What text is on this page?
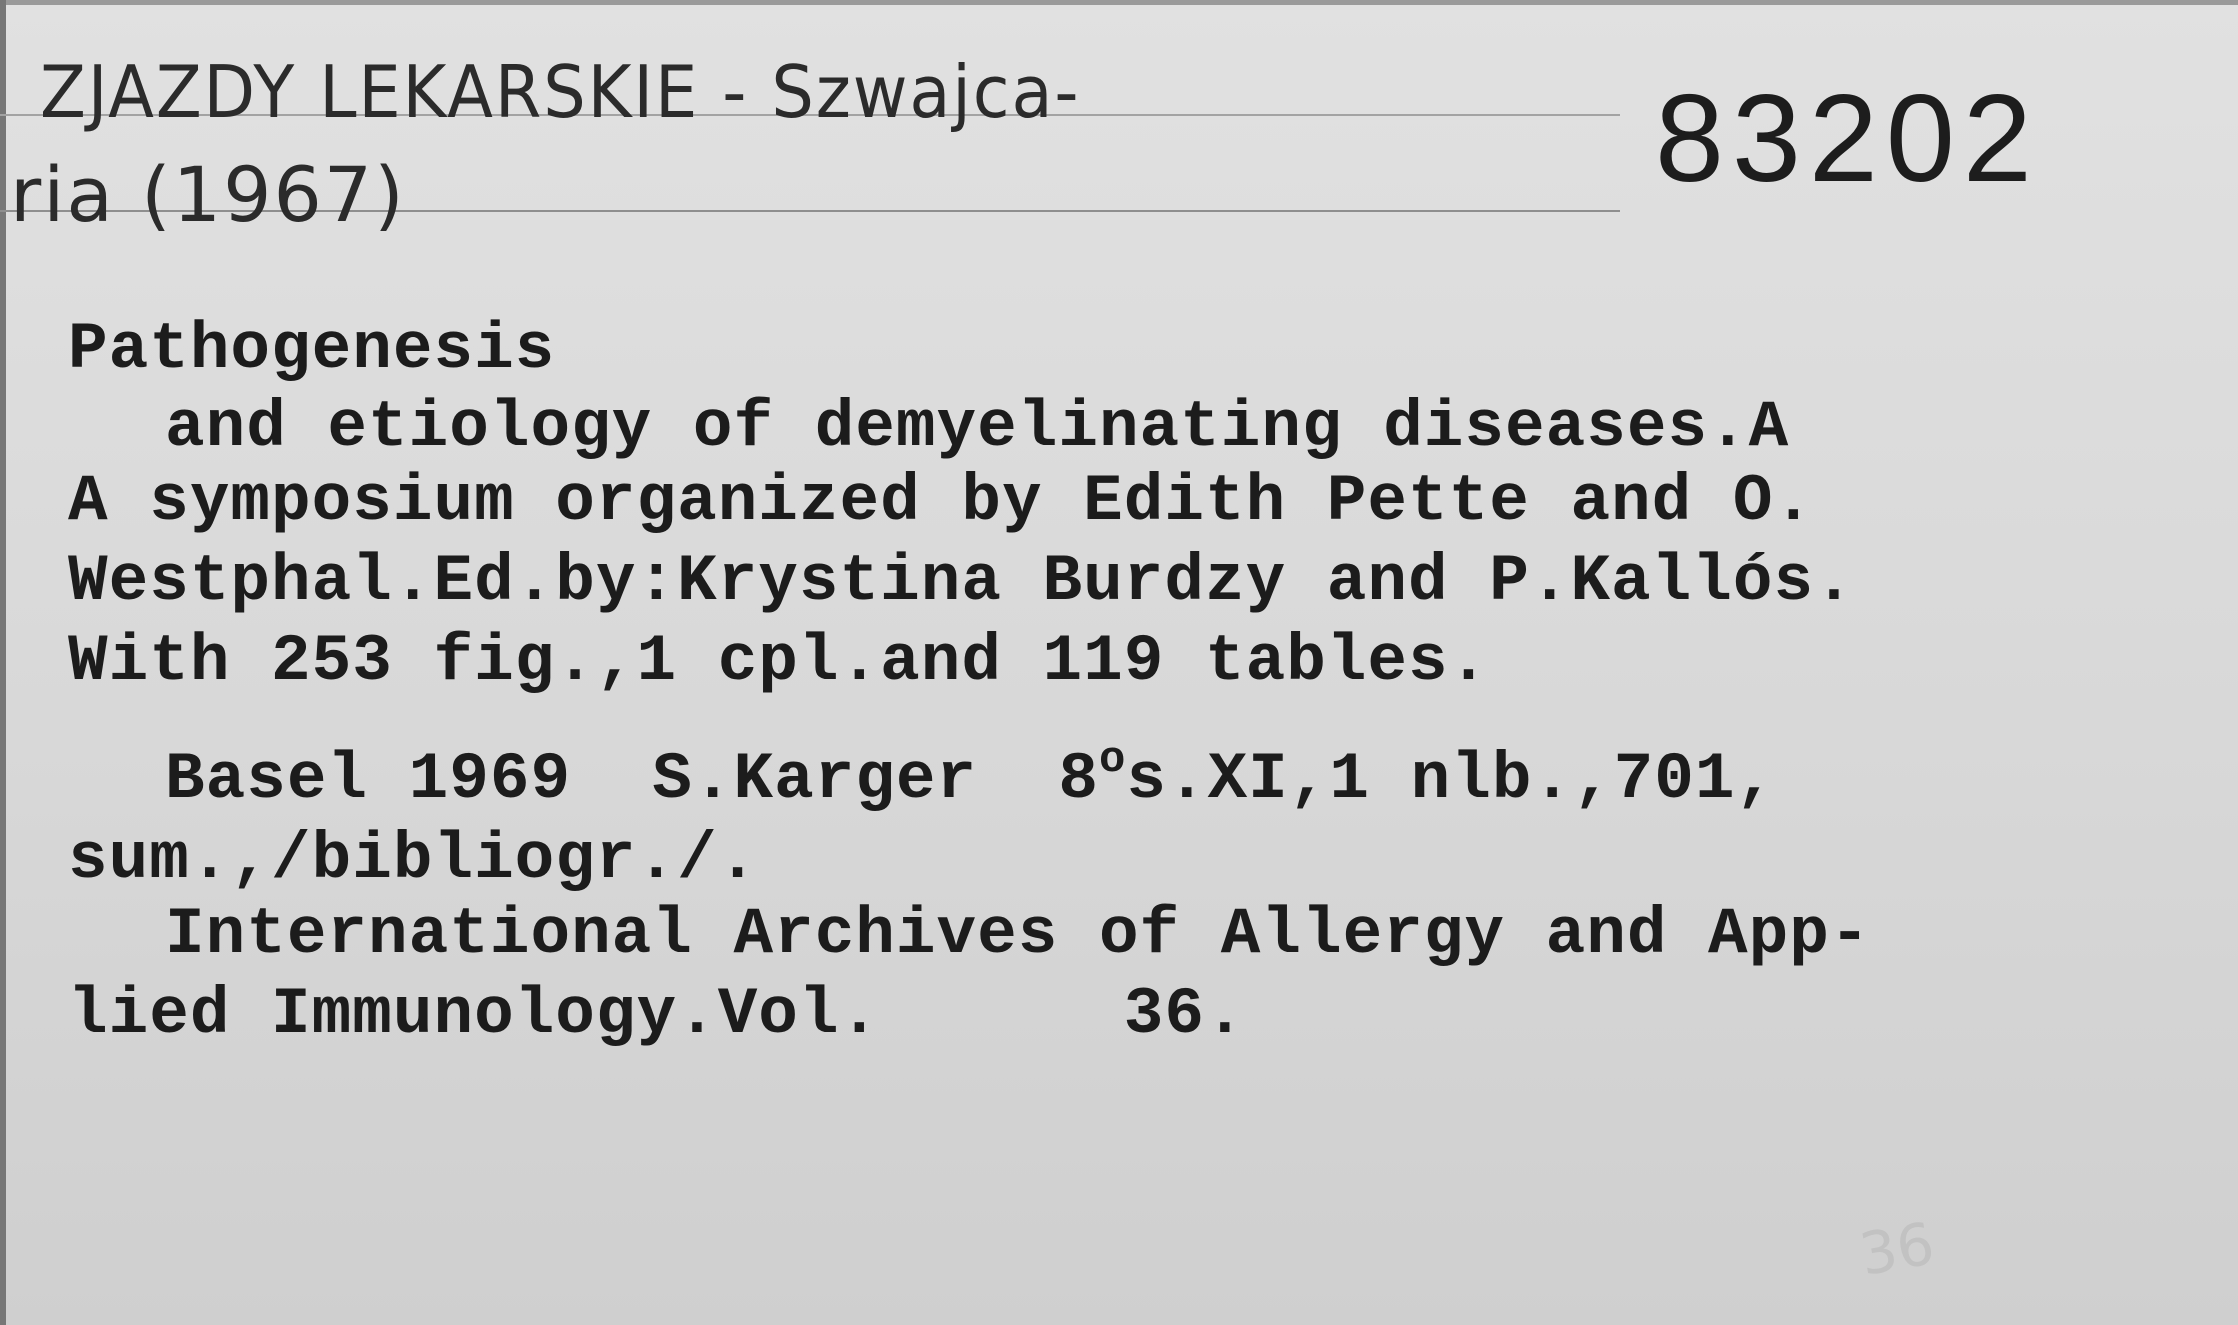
ZJAZDY LEKARSKIE - Szwajca-
ria (1967)	83202
Pathogenesis
and etiology of demyelinating diseases.A
A symposium organized by Edith Pette and O.
Westphal.Ed.by:Krystina Burdzy and P.Kallós.
With 253 fig.,1 cpl.and 119 tables.
Basel 1969  S.Karger  8$^o$s.XI,1 nlb.,701,
sum.,/bibliogr./.
International Archives of Allergy and App-
lied Immunology.Vol.      36.
36
